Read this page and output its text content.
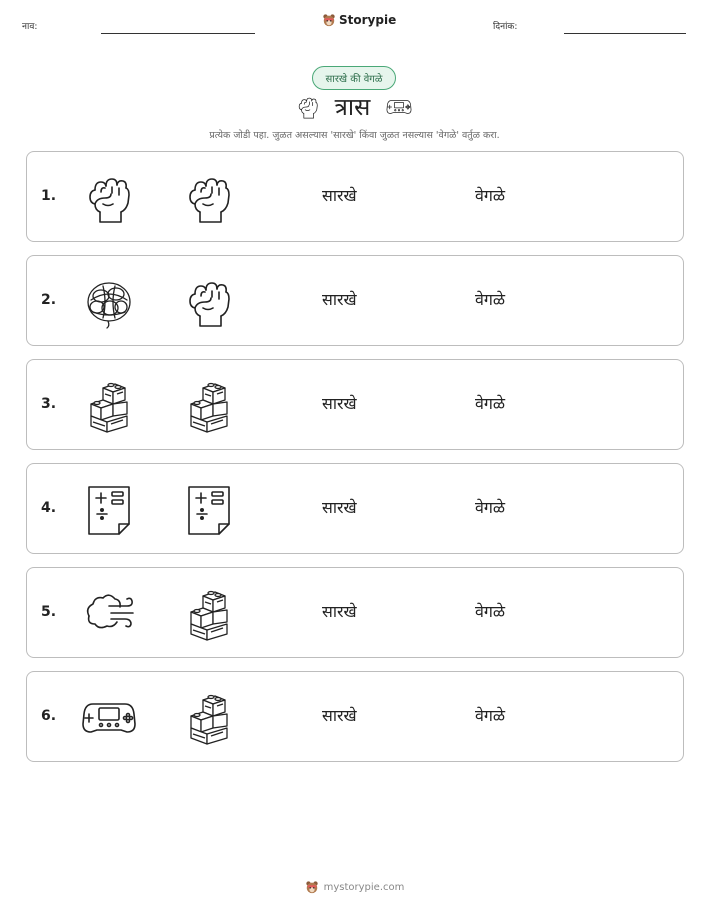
नाव:	Storypie	दिनांक:
सारखे की वेगळे
त्रास
प्रत्येक जोडी पहा. जुळत असल्यास 'सारखे' किंवा जुळत नसल्यास 'वेगळे' वर्तुळ करा.
1.	सारखे	वेगळे
2.	सारखे	वेगळे
3.	सारखे	वेगळे
4.	सारखे	वेगळे
5.	सारखे	वेगळे
6.	सारखे	वेगळे
mystorypie.com
